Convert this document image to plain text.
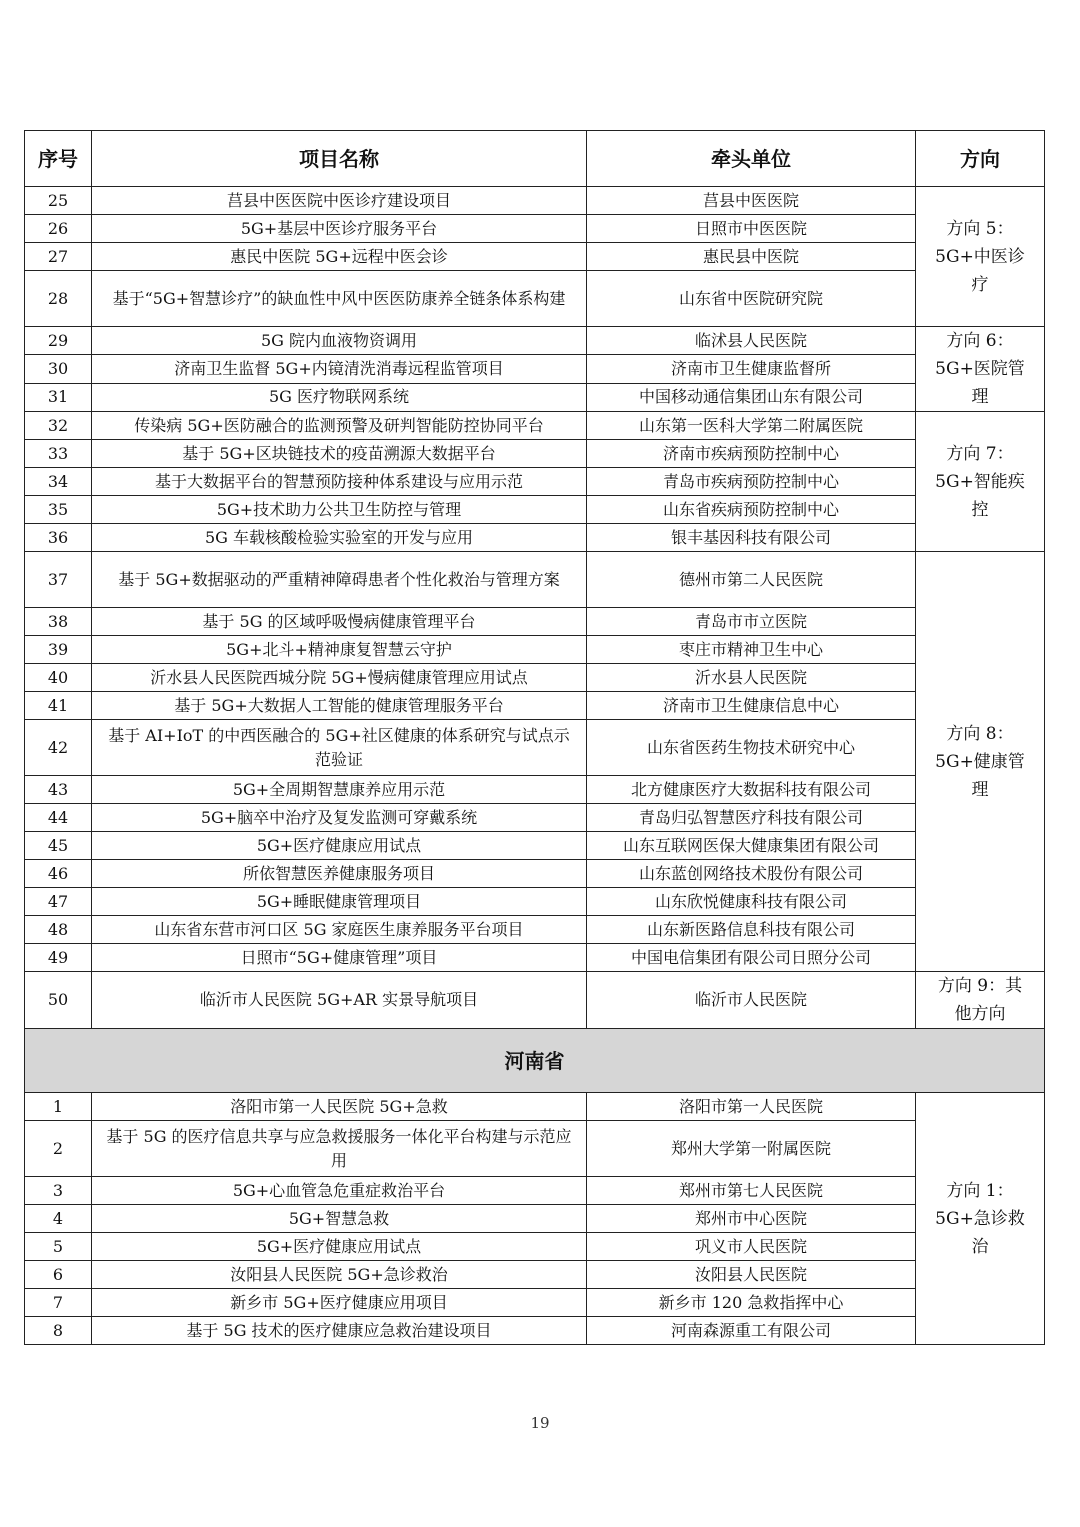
序号	项目名称	牵头单位	方向
25	莒县中医医院中医诊疗建设项目	莒县中医医院	方向 5：5G+中医诊疗
26	5G+基层中医诊疗服务平台	日照市中医医院	
27	惠民中医院 5G+远程中医会诊	惠民县中医院	
28	基于“5G+智慧诊疗”的缺血性中风中医医防康养全链条体系构建	山东省中医院研究院	
29	5G 院内血液物资调用	临沭县人民医院	方向 6：5G+医院管理
30	济南卫生监督 5G+内镜清洗消毒远程监管项目	济南市卫生健康监督所	
31	5G 医疗物联网系统	中国移动通信集团山东有限公司	
32	传染病 5G+医防融合的监测预警及研判智能防控协同平台	山东第一医科大学第二附属医院	方向 7：5G+智能疾控
33	基于 5G+区块链技术的疫苗溯源大数据平台	济南市疾病预防控制中心	
34	基于大数据平台的智慧预防接种体系建设与应用示范	青岛市疾病预防控制中心	
35	5G+技术助力公共卫生防控与管理	山东省疾病预防控制中心	
36	5G 车载核酸检验实验室的开发与应用	银丰基因科技有限公司	
37	基于 5G+数据驱动的严重精神障碍患者个性化救治与管理方案	德州市第二人民医院	方向 8：5G+健康管理
38	基于 5G 的区域呼吸慢病健康管理平台	青岛市市立医院	
39	5G+北斗+精神康复智慧云守护	枣庄市精神卫生中心	
40	沂水县人民医院西城分院 5G+慢病健康管理应用试点	沂水县人民医院	
41	基于 5G+大数据人工智能的健康管理服务平台	济南市卫生健康信息中心	
42	基于 AI+IoT 的中西医融合的 5G+社区健康的体系研究与试点示范验证	山东省医药生物技术研究中心	
43	5G+全周期智慧康养应用示范	北方健康医疗大数据科技有限公司	
44	5G+脑卒中治疗及复发监测可穿戴系统	青岛归弘智慧医疗科技有限公司	
45	5G+医疗健康应用试点	山东互联网医保大健康集团有限公司	
46	所依智慧医养健康服务项目	山东蓝创网络技术股份有限公司	
47	5G+睡眠健康管理项目	山东欣悦健康科技有限公司	
48	山东省东营市河口区 5G 家庭医生康养服务平台项目	山东新医路信息科技有限公司	
49	日照市“5G+健康管理”项目	中国电信集团有限公司日照分公司	
50	临沂市人民医院 5G+AR 实景导航项目	临沂市人民医院	方向 9：其他方向
河南省			
1	洛阳市第一人民医院 5G+急救	洛阳市第一人民医院	方向 1：5G+急诊救治
2	基于 5G 的医疗信息共享与应急救援服务一体化平台构建与示范应用	郑州大学第一附属医院	
3	5G+心血管急危重症救治平台	郑州市第七人民医院	
4	5G+智慧急救	郑州市中心医院	
5	5G+医疗健康应用试点	巩义市人民医院	
6	汝阳县人民医院 5G+急诊救治	汝阳县人民医院	
7	新乡市 5G+医疗健康应用项目	新乡市 120 急救指挥中心	
8	基于 5G 技术的医疗健康应急救治建设项目	河南森源重工有限公司	
19
